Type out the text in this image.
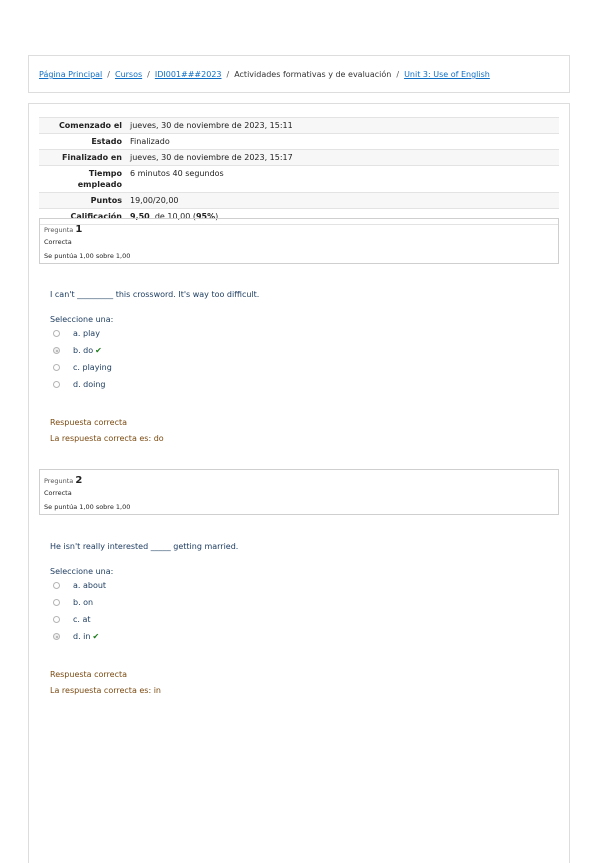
Página Principal / Cursos / IDI001###2023 / Actividades formativas y de evaluación / Unit 3: Use of English
Comenzado el	jueves, 30 de noviembre de 2023, 15:11
Estado	Finalizado
Finalizado en	jueves, 30 de noviembre de 2023, 15:17
Tiempo empleado	6 minutos 40 segundos
Puntos	19,00/20,00
Calificación	9,50 de 10,00 (95%)
Pregunta 1
Correcta
Se puntúa 1,00 sobre 1,00
I can't _________ this crossword. It's way too difficult.
Seleccione una:
a. play
b. do ✔
c. playing
d. doing
Respuesta correcta
La respuesta correcta es: do
Pregunta 2
Correcta
Se puntúa 1,00 sobre 1,00
He isn't really interested _____ getting married.
Seleccione una:
a. about
b. on
c. at
d. in ✔
Respuesta correcta
La respuesta correcta es: in
